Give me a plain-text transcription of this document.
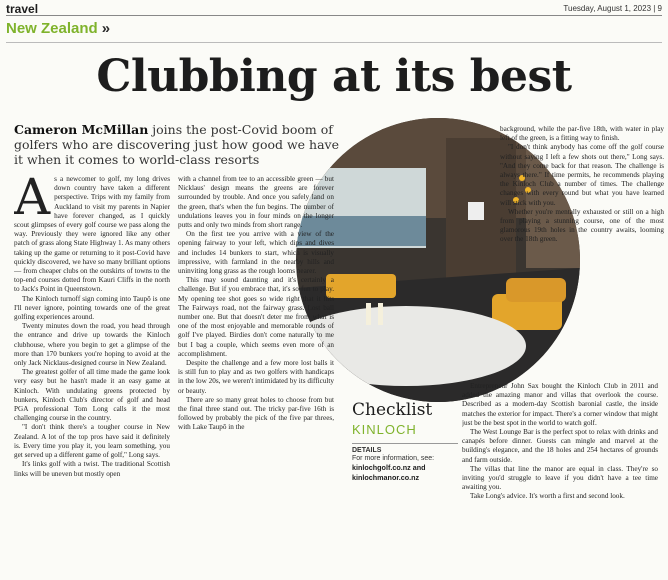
travel	Tuesday, August 1, 2023 | 9
New Zealand »
Clubbing at its best
Cameron McMillan joins the post-Covid boom of golfers who are discovering just how good we have it when it comes to world-class resorts

As a newcomer to golf, my long drives down country have taken a different perspective. Trips with my family from Auckland to visit my parents in Napier have forever changed, as I quickly scout glimpses of every golf course we pass along the way. Previously they were ignored like any other patch of grass along State Highway 1. As many others taking up the game or returning to it post-Covid have quickly discovered, we have so many brilliant options — from cheaper clubs on the outskirts of towns to the top-end courses dotted from Kauri Cliffs in the north to Jack's Point in Queenstown.

The Kinloch turnoff sign coming into Taupō is one I'll never ignore, pointing towards one of the great golfing experiences around.

Twenty minutes down the road, you head through the entrance and drive up towards the Kinloch clubhouse, where you begin to get a glimpse of the more than 170 bunkers you're hoping to avoid at the only Jack Nicklaus-designed course in New Zealand.

The greatest golfer of all time made the game look very easy but he hasn't made it an easy game at Kinloch. With undulating greens protected by bunkers, Kinloch Club's director of golf and head PGA professional Tom Long calls it the most challenging course in the country.

"I don't think there's a tougher course in New Zealand. A lot of the top pros have said it definitely is. Every time you play it, you learn something, you get served up a different game of golf," Long says.

It's links golf with a twist. The traditional Scottish links will be uneven but mostly open

with a channel from tee to an accessible green — but Nicklaus' design means the greens are forever surrounded by trouble. And once you safely land on the green, that's when the fun begins. The number of undulations leaves you in four minds on the longer putts and only two minds from short range.

On the first tee you arrive with a view of the opening fairway to your left, which dips and dives and includes 14 bunkers to start, which is visually impressive, with farmland in the nearby hills and uninviting long grass as the rough looms nearer.

This may sound daunting and it's certainly a challenge. But if you embrace that, it's so fun to play. My opening tee shot goes so wide right that it hits The Fairways road, not the fairway grass. Lost ball number one. But that doesn't deter me from what is one of the most enjoyable and memorable rounds of golf I've played. Birdies don't come naturally to me but I bag a couple, which seems even more of an accomplishment.

Despite the challenge and a few more lost balls it is still fun to play and as two golfers with handicaps in the low 20s, we weren't intimidated by its difficulty or beauty.

There are so many great holes to choose from but the final three stand out. The tricky par-five 16th is followed by probably the pick of the five par threes, with Lake Taupō in the

background, while the par-five 18th, with water in play left of the green, is a fitting way to finish.

"I don't think anybody has come off the golf course without saying I left a few shots out there," Long says. "And they come back for that reason. The challenge is always there." If time permits, he recommends playing the Kinloch Club a number of times. The challenge changes with every round but what you have learned will stick with you.

Whether you're mentally exhausted or still on a high from playing a stunning course, one of the most glamorous 19th holes in the country awaits, looming over the 18th green.

Entrepreneur John Sax bought the Kinloch Club in 2011 and added the amazing manor and villas that overlook the course. Described as a modern-day Scottish baronial castle, the inside matches the exterior for impact. There's a corner window that might just be the best spot in the world to watch golf.

The West Lounge Bar is the perfect spot to relax with drinks and canapés before dinner. Guests can mingle and marvel at the building's elegance, and the 18 holes and 254 hectares of grounds and farm outside.

The villas that line the manor are equal in class. They're so inviting you'd struggle to leave if you didn't have a tee time awaiting you.

Take Long's advice. It's worth a first and second look.

Checklist
KINLOCH
DETAILS
For more information, see:
kinlochgolf.co.nz and
kinlochmanor.co.nz
